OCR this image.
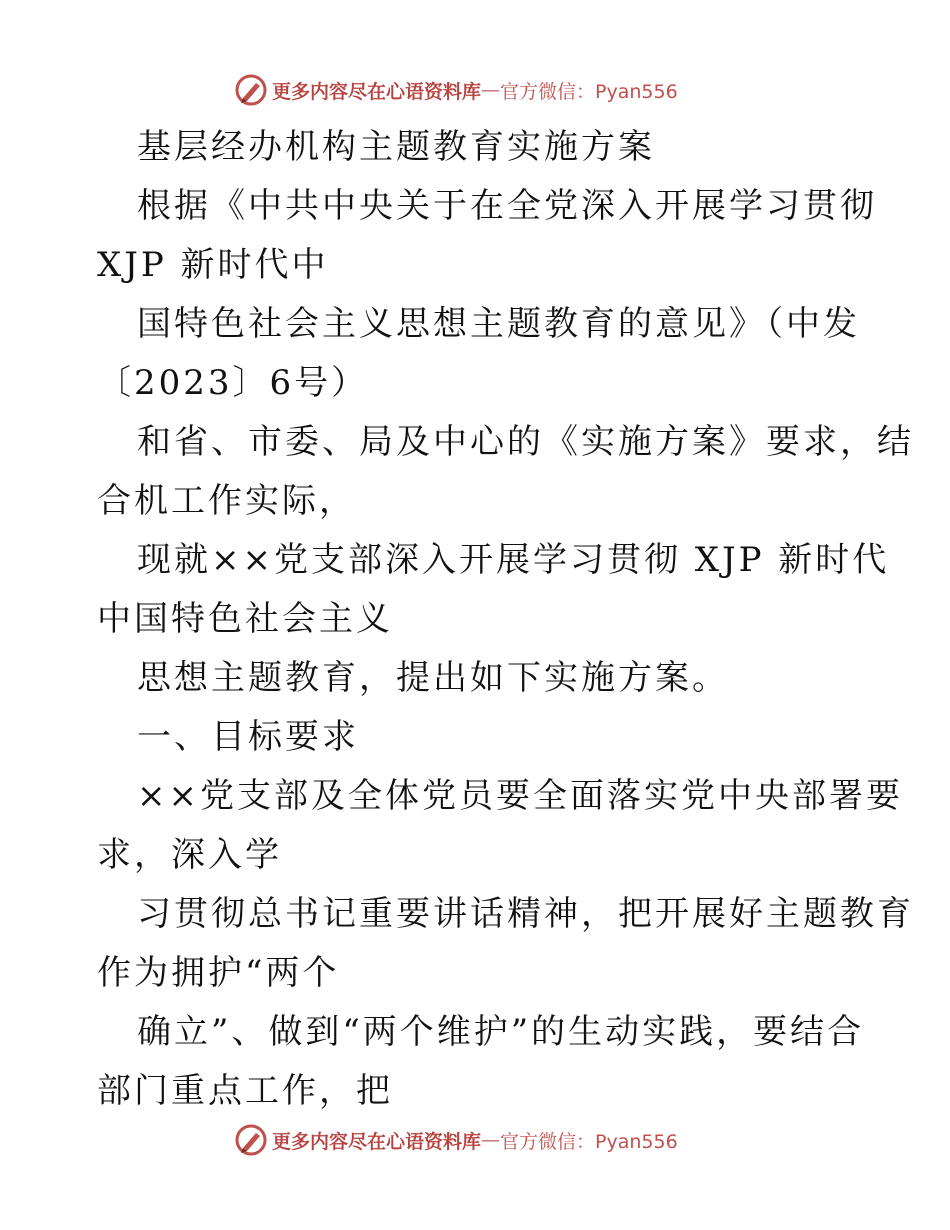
更多内容尽在心语资料库 — 官方微信：Pyan556
基层经办机构主题教育实施方案
根据《中共中央关于在全党深入开展学习贯彻
XJP 新时代中
国特色社会主义思想主题教育的意见》（中发
〔2023〕6号）
和省、市委、局及中心的《实施方案》要求，结
合机工作实际，
现就××党支部深入开展学习贯彻 XJP 新时代
中国特色社会主义
思想主题教育，提出如下实施方案。
一、目标要求
××党支部及全体党员要全面落实党中央部署要
求，深入学
习贯彻总书记重要讲话精神，把开展好主题教育
作为拥护“两个
确立”、做到“两个维护”的生动实践，要结合
部门重点工作，把
更多内容尽在心语资料库 — 官方微信：Pyan556
